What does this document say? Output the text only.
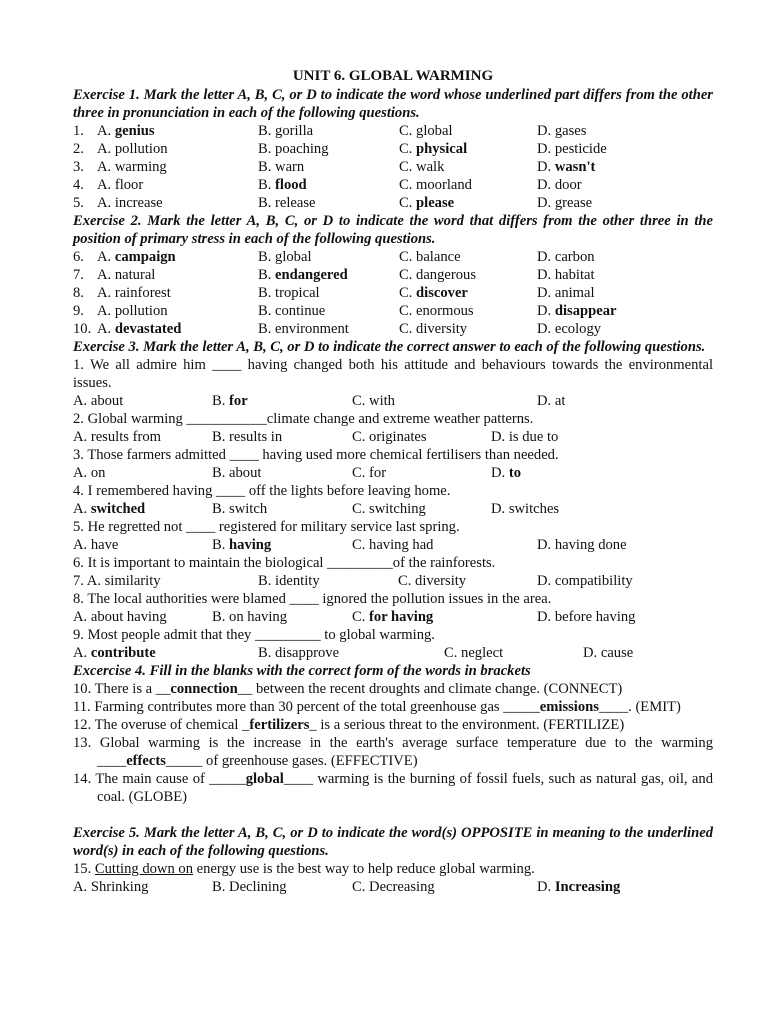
UNIT 6. GLOBAL WARMING
Exercise 1. Mark the letter A, B, C, or D to indicate the word whose underlined part differs from the other three in pronunciation in each of the following questions.
1. A. genius	B. gorilla	C. global	D. gases
2. A. pollution	B. poaching	C. physical	D. pesticide
3. A. warming	B. warn	C. walk	D. wasn't
4. A. floor	B. flood	C. moorland	D. door
5. A. increase	B. release	C. please	D. grease
Exercise 2. Mark the letter A, B, C, or D to indicate the word that differs from the other three in the position of primary stress in each of the following questions.
6. A. campaign	B. global	C. balance	D. carbon
7. A. natural	B. endangered	C. dangerous	D. habitat
8. A. rainforest	B. tropical	C. discover	D. animal
9. A. pollution	B. continue	C. enormous	D. disappear
10. A. devastated	B. environment	C. diversity	D. ecology
Exercise 3. Mark the letter A, B, C, or D to indicate the correct answer to each of the following questions.
1. We all admire him ____ having changed both his attitude and behaviours towards the environmental issues.
A. about	B. for	C. with	D. at
2. Global warming ___________climate change and extreme weather patterns.
A. results from	B. results in	C. originates	D. is due to
3. Those farmers admitted ____ having used more chemical fertilisers than needed.
A. on	B. about	C. for	D. to
4. I remembered having ____ off the lights before leaving home.
A. switched	B. switch	C. switching	D. switches
5. He regretted not ____ registered for military service last spring.
A. have	B. having	C. having had	D. having done
6. It is important to maintain the biological _________of the rainforests.
7. A. similarity	B. identity	C. diversity	D. compatibility
8. The local authorities were blamed ____ ignored the pollution issues in the area.
A. about having	B. on having	C. for having	D. before having
9. Most people admit that they _________ to global warming.
A. contribute	B. disapprove	C. neglect	D. cause
Excercise 4. Fill in the blanks with the correct form of the words in brackets
10. There is a __connection__ between the recent droughts and climate change. (CONNECT)
11. Farming contributes more than 30 percent of the total greenhouse gas _____emissions____. (EMIT)
12. The overuse of chemical _fertilizers_ is a serious threat to the environment. (FERTILIZE)
13. Global warming is the increase in the earth's average surface temperature due to the warming ____effects_____ of greenhouse gases. (EFFECTIVE)
14. The main cause of _____global____ warming is the burning of fossil fuels, such as natural gas, oil, and coal. (GLOBE)
Exercise 5. Mark the letter A, B, C, or D to indicate the word(s) OPPOSITE in meaning to the underlined word(s) in each of the following questions.
15. Cutting down on energy use is the best way to help reduce global warming.
A. Shrinking	B. Declining	C. Decreasing	D. Increasing
